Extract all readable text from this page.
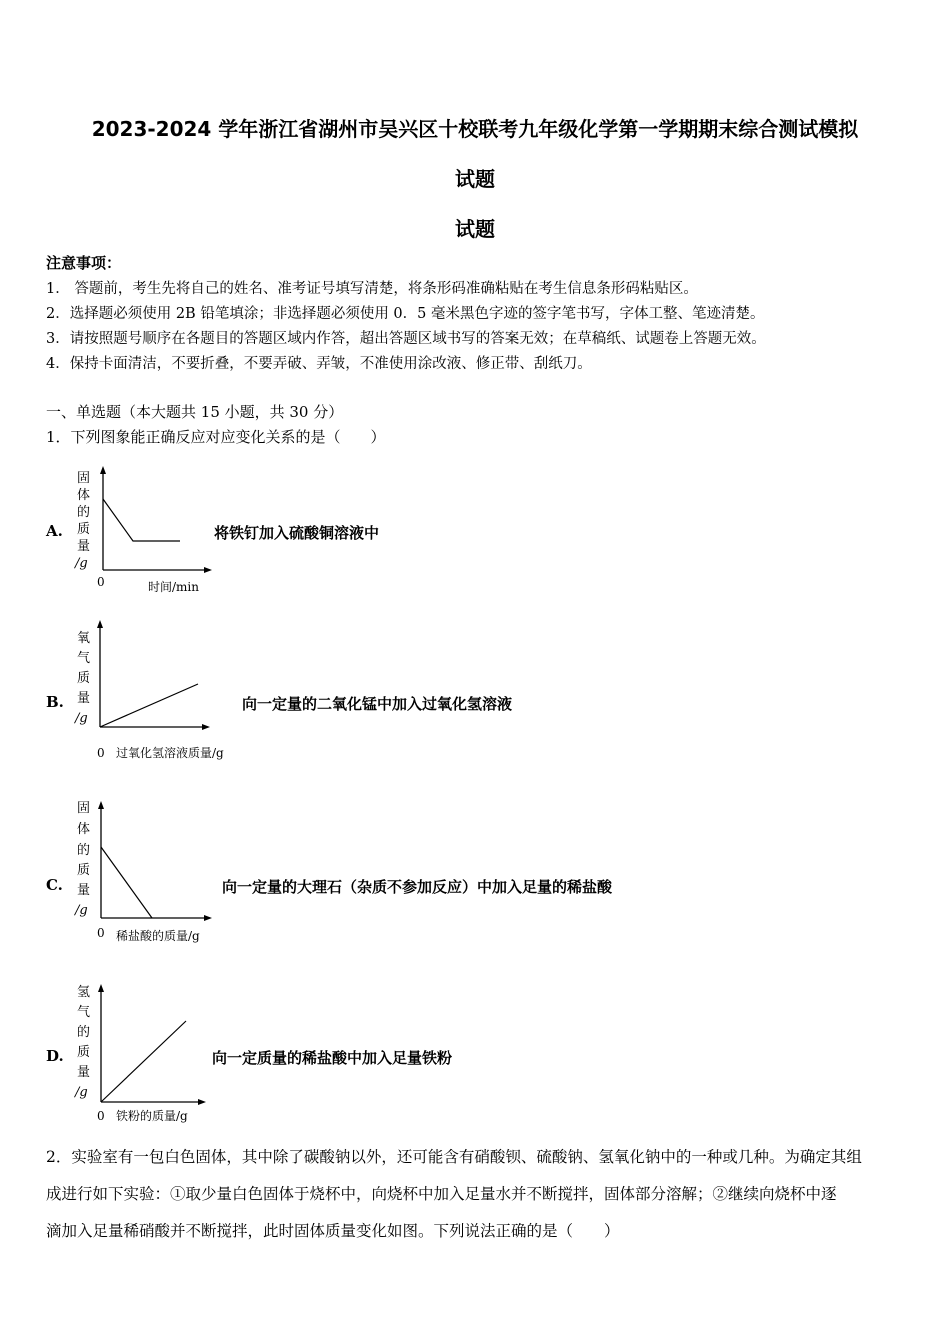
2023-2024 学年浙江省湖州市吴兴区十校联考九年级化学第一学期期末综合测试模拟
试题
试题
注意事项：
1． 答题前，考生先将自己的姓名、准考证号填写清楚，将条形码准确粘贴在考生信息条形码粘贴区。
2．选择题必须使用 2B 铅笔填涂；非选择题必须使用 0．5 毫米黑色字迹的签字笔书写，字体工整、笔迹清楚。
3．请按照题号顺序在各题目的答题区域内作答，超出答题区域书写的答案无效；在草稿纸、试题卷上答题无效。
4．保持卡面清洁，不要折叠，不要弄破、弄皱，不准使用涂改液、修正带、刮纸刀。
一、单选题（本大题共 15 小题，共 30 分）
1．下列图象能正确反应对应变化关系的是（　　）
A.
固
体
的
质
量
/g
0	时间/min
将铁钉加入硫酸铜溶液中
B.
氧
气
质
量
/g
0 过氧化氢溶液质量/g
向一定量的二氧化锰中加入过氧化氢溶液
C.
固
体
的
质
量
/g
0 稀盐酸的质量/g
向一定量的大理石（杂质不参加反应）中加入足量的稀盐酸
D.
氢
气
的
质
量
/g
0 铁粉的质量/g
向一定质量的稀盐酸中加入足量铁粉
2．实验室有一包白色固体，其中除了碳酸钠以外，还可能含有硝酸钡、硫酸钠、氢氧化钠中的一种或几种。为确定其组
成进行如下实验：①取少量白色固体于烧杯中，向烧杯中加入足量水并不断搅拌，固体部分溶解；②继续向烧杯中逐
滴加入足量稀硝酸并不断搅拌，此时固体质量变化如图。下列说法正确的是（　　）
